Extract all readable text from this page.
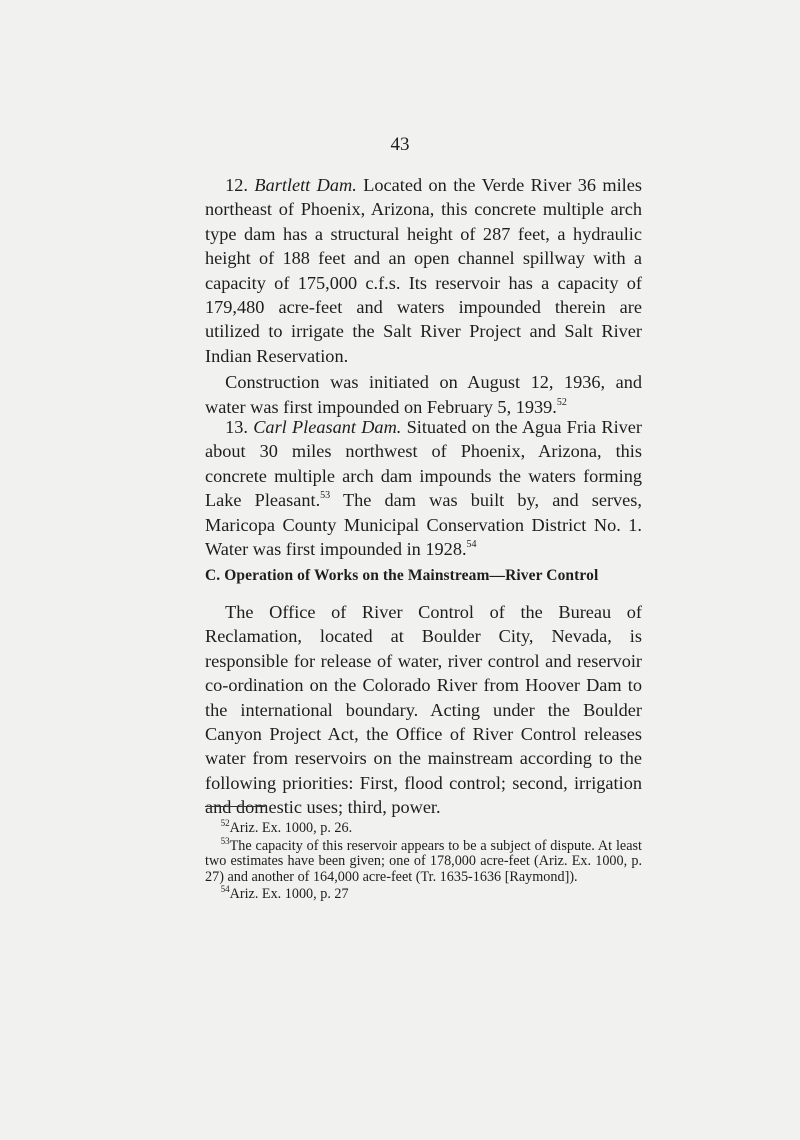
43

12. Bartlett Dam. Located on the Verde River 36 miles northeast of Phoenix, Arizona, this concrete multiple arch type dam has a structural height of 287 feet, a hydraulic height of 188 feet and an open channel spillway with a capacity of 175,000 c.f.s. Its reservoir has a capacity of 179,480 acre-feet and waters impounded therein are utilized to irrigate the Salt River Project and Salt River Indian Reservation.

Construction was initiated on August 12, 1936, and water was first impounded on February 5, 1939.52

13. Carl Pleasant Dam. Situated on the Agua Fria River about 30 miles northwest of Phoenix, Arizona, this concrete multiple arch dam impounds the waters forming Lake Pleasant.$^{53}$ The dam was built by, and serves, Maricopa County Municipal Conservation District No. 1. Water was first impounded in 1928.54

C. Operation of Works on the Mainstream—River Control

The Office of River Control of the Bureau of Reclamation, located at Boulder City, Nevada, is responsible for release of water, river control and reservoir co-ordination on the Colorado River from Hoover Dam to the international boundary. Acting under the Boulder Canyon Project Act, the Office of River Control releases water from reservoirs on the mainstream according to the following priorities: First, flood control; second, irrigation and domestic uses; third, power.

$^{52}$Ariz. Ex. 1000, p. 26.

$^{53}$The capacity of this reservoir appears to be a subject of dispute. At least two estimates have been given; one of 178,000 acre-feet (Ariz. Ex. 1000, p. 27) and another of 164,000 acre-feet (Tr. 1635-1636 [Raymond]).

$^{54}$Ariz. Ex. 1000, p. 27
